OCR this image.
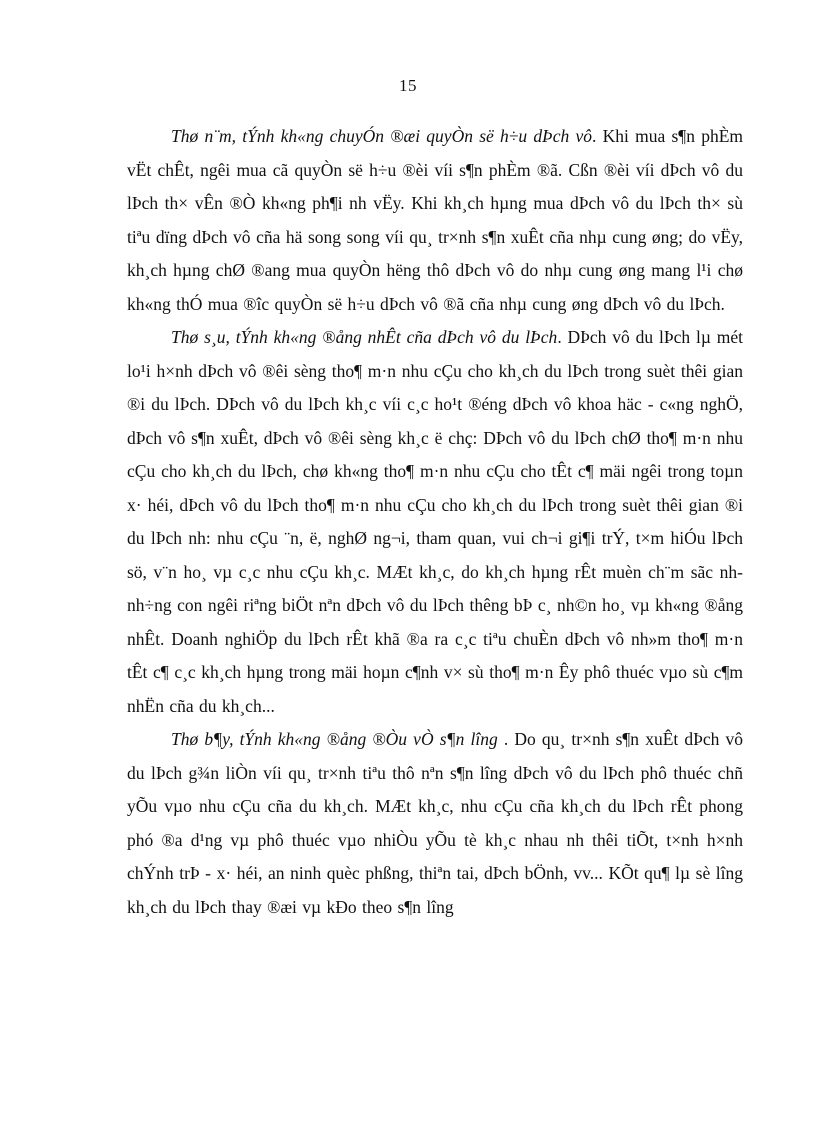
15

Thø n¨m, tÝnh kh«ng chuyÓn ®æi quyÒn së h÷u dÞch vô. Khi mua s¶n phÈm vËt chÊt, ngêi mua cã quyÒn së h÷u ®èi víi s¶n phÈm ®ã. Cßn ®èi víi dÞch vô du lÞch th× vÊn ®Ò kh«ng ph¶i nh vËy. Khi kh¸ch hµng mua dÞch vô du lÞch th× sù tiªu dïng dÞch vô cña hä song song víi qu¸ tr×nh s¶n xuÊt cña nhµ cung øng; do vËy, kh¸ch hµng chØ ®ang mua quyÒn hëng thô dÞch vô do nhµ cung øng mang l¹i chø kh«ng thÓ mua ®îc quyÒn së h÷u dÞch vô ®ã cña nhµ cung øng dÞch vô du lÞch.

Thø s¸u, tÝnh kh«ng ®ång nhÊt cña dÞch vô du lÞch. DÞch vô du lÞch lµ mét lo¹i h×nh dÞch vô ®êi sèng tho¶ m·n nhu cÇu cho kh¸ch du lÞch trong suèt thêi gian ®i du lÞch. DÞch vô du lÞch kh¸c víi c¸c ho¹t ®éng dÞch vô khoa häc - c«ng nghÖ, dÞch vô s¶n xuÊt, dÞch vô ®êi sèng kh¸c ë chç: DÞch vô du lÞch chØ tho¶ m·n nhu cÇu cho kh¸ch du lÞch, chø kh«ng tho¶ m·n nhu cÇu cho tÊt c¶ mäi ngêi trong toµn x· héi, dÞch vô du lÞch tho¶ m·n nhu cÇu cho kh¸ch du lÞch trong suèt thêi gian ®i du lÞch nh: nhu cÇu ¨n, ë, nghØ ng¬i, tham quan, vui ch¬i gi¶i trÝ, t×m hiÓu lÞch sö, v¨n ho¸ vµ c¸c nhu cÇu kh¸c. MÆt kh¸c, do kh¸ch hµng rÊt muèn ch¨m sãc nh nh÷ng con ngêi riªng biÖt nªn dÞch vô du lÞch thêng bÞ c¸ nh©n ho¸ vµ kh«ng ®ång nhÊt. Doanh nghiÖp du lÞch rÊt khã ®a ra c¸c tiªu chuÈn dÞch vô nh»m tho¶ m·n tÊt c¶ c¸c kh¸ch hµng trong mäi hoµn c¶nh v× sù tho¶ m·n Êy phô thuéc vµo sù c¶m nhËn cña du kh¸ch...

Thø b¶y, tÝnh kh«ng ®ång ®Òu vÒ s¶n lîng . Do qu¸ tr×nh s¶n xuÊt dÞch vô du lÞch g¾n liÒn víi qu¸ tr×nh tiªu thô nªn s¶n lîng dÞch vô du lÞch phô thuéc chñ yÕu vµo nhu cÇu cña du kh¸ch. MÆt kh¸c, nhu cÇu cña kh¸ch du lÞch rÊt phong phó ®a d¹ng vµ phô thuéc vµo nhiÒu yÕu tè kh¸c nhau nh thêi tiÕt, t×nh h×nh chÝnh trÞ - x· héi, an ninh quèc phßng, thiªn tai, dÞch bÖnh, vv... KÕt qu¶ lµ sè lîng kh¸ch du lÞch thay ®æi vµ kÐo theo s¶n lîng
